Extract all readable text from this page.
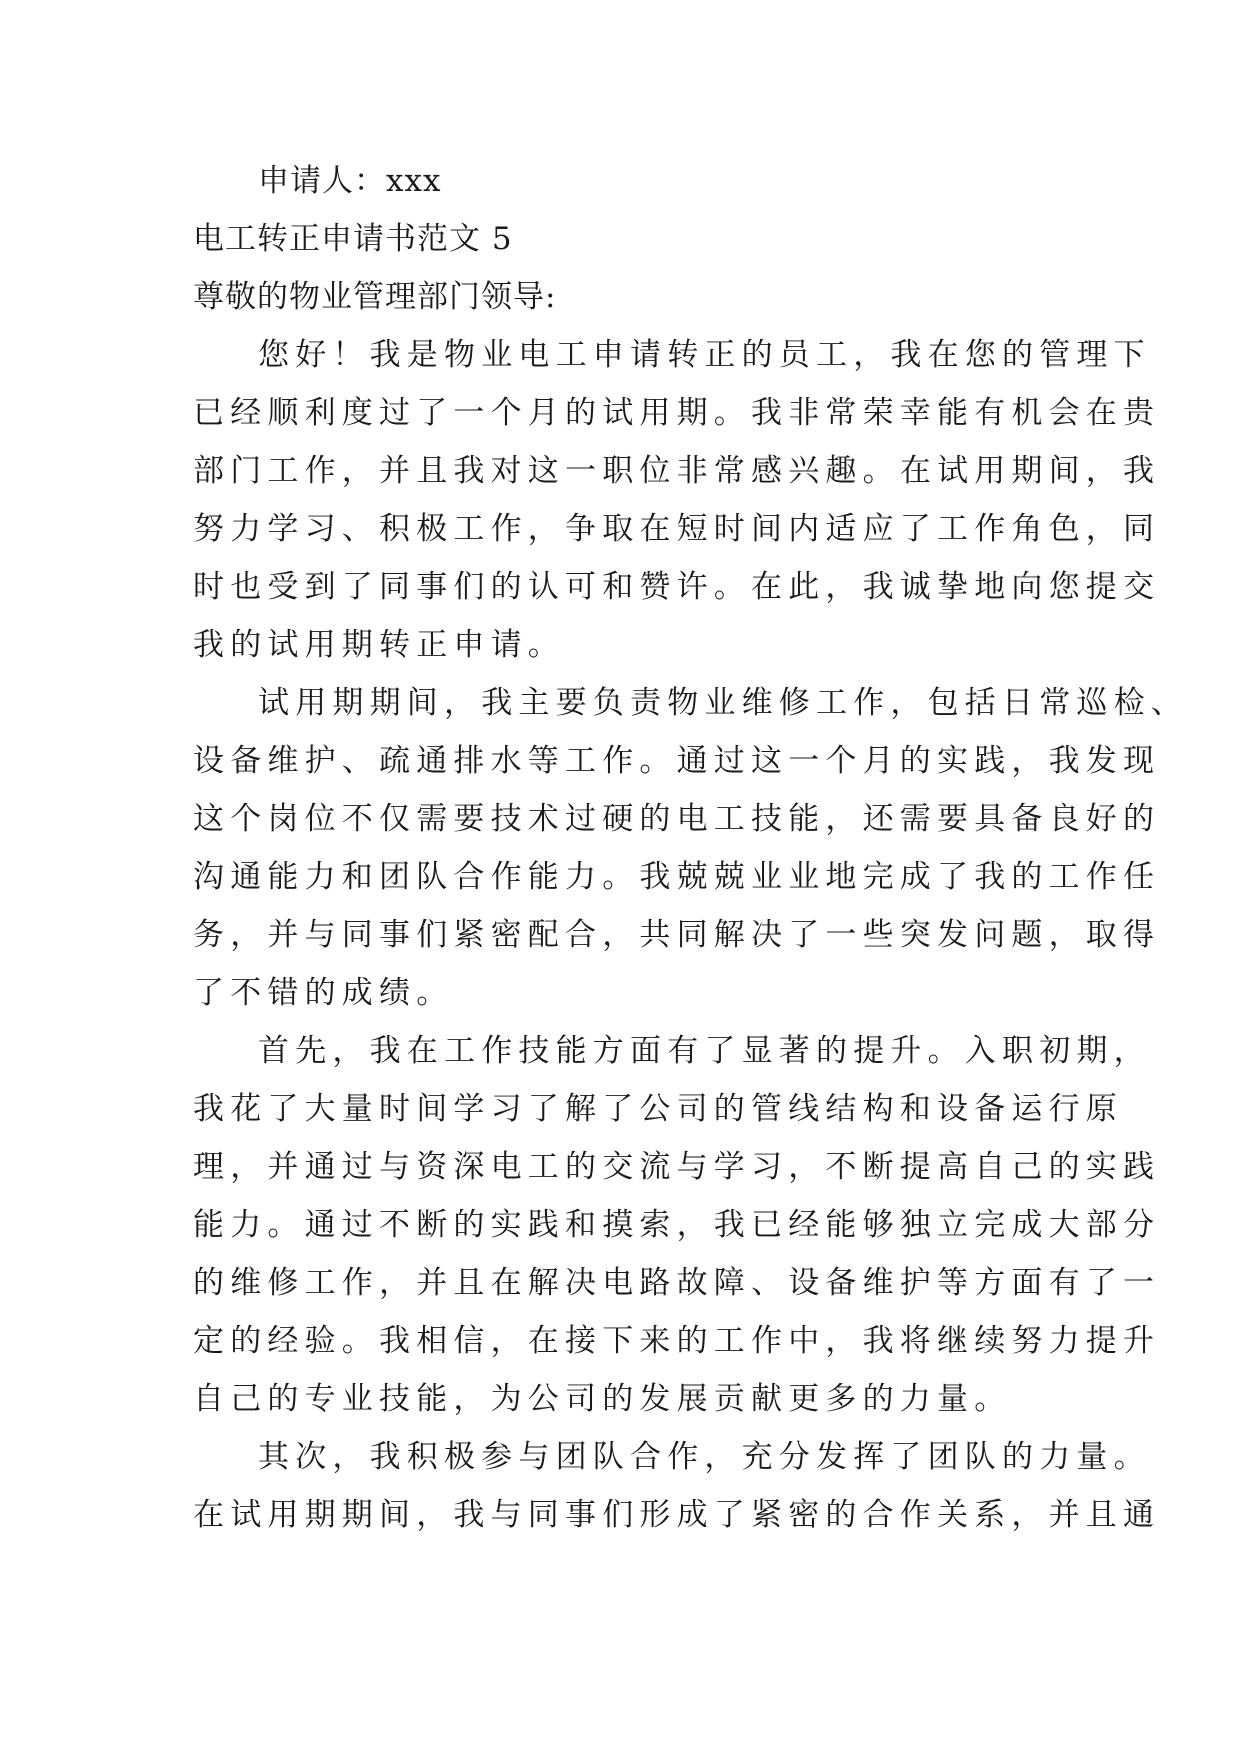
申请人：xxx
电工转正申请书范文 5
尊敬的物业管理部门领导:
您好！我是物业电工申请转正的员工，我在您的管理下
已经顺利度过了一个月的试用期。我非常荣幸能有机会在贵
部门工作，并且我对这一职位非常感兴趣。在试用期间，我
努力学习、积极工作，争取在短时间内适应了工作角色，同
时也受到了同事们的认可和赞许。在此，我诚挚地向您提交
我的试用期转正申请。
试用期期间，我主要负责物业维修工作，包括日常巡检、
设备维护、疏通排水等工作。通过这一个月的实践，我发现
这个岗位不仅需要技术过硬的电工技能，还需要具备良好的
沟通能力和团队合作能力。我兢兢业业地完成了我的工作任
务，并与同事们紧密配合，共同解决了一些突发问题，取得
了不错的成绩。
首先，我在工作技能方面有了显著的提升。入职初期，
我花了大量时间学习了解了公司的管线结构和设备运行原
理，并通过与资深电工的交流与学习，不断提高自己的实践
能力。通过不断的实践和摸索，我已经能够独立完成大部分
的维修工作，并且在解决电路故障、设备维护等方面有了一
定的经验。我相信，在接下来的工作中，我将继续努力提升
自己的专业技能，为公司的发展贡献更多的力量。
其次，我积极参与团队合作，充分发挥了团队的力量。
在试用期期间，我与同事们形成了紧密的合作关系，并且通
